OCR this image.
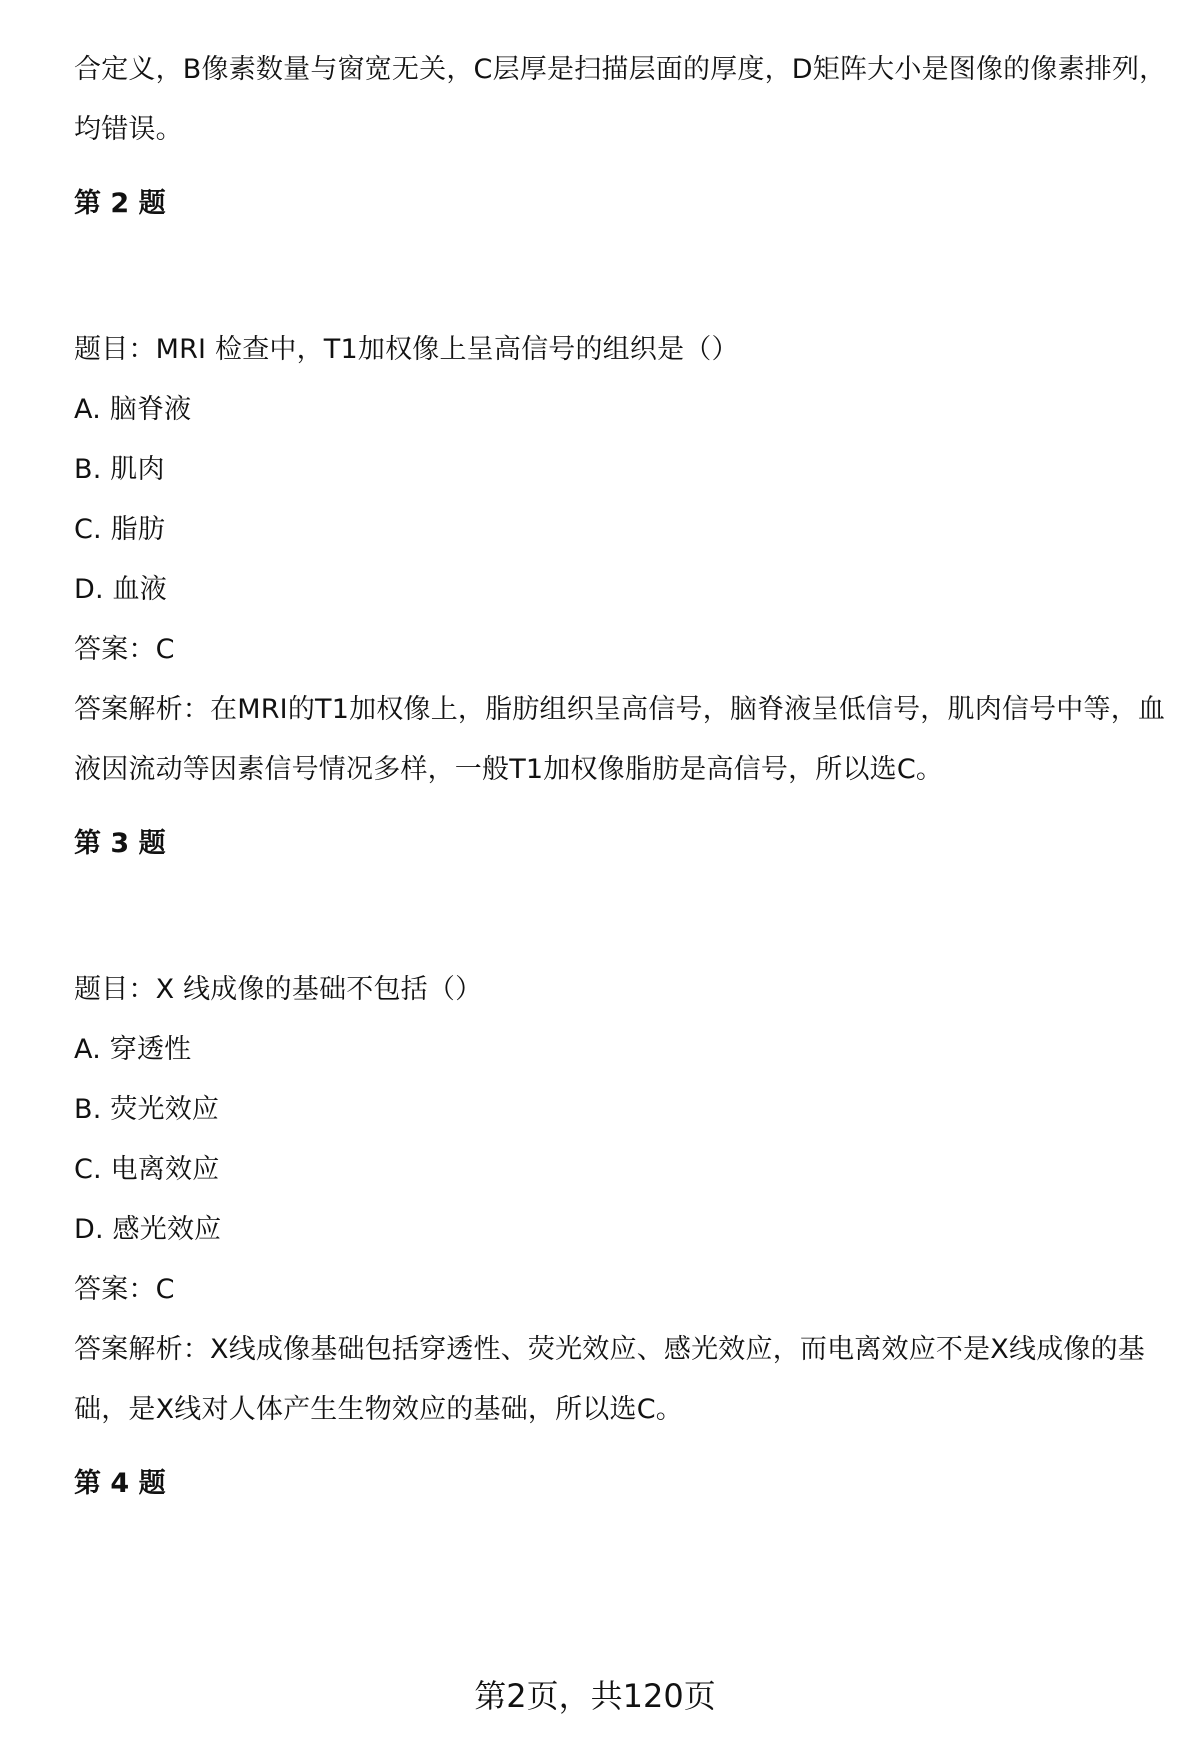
合定义，B像素数量与窗宽无关，C层厚是扫描层面的厚度，D矩阵大小是图像的像素排列，均错误。

第 2 题

题目：MRI 检查中，T1加权像上呈高信号的组织是（）

A. 脑脊液

B. 肌肉

C. 脂肪

D. 血液

答案：C

答案解析：在MRI的T1加权像上，脂肪组织呈高信号，脑脊液呈低信号，肌肉信号中等，血液因流动等因素信号情况多样，一般T1加权像脂肪是高信号，所以选C。

第 3 题

题目：X 线成像的基础不包括（）

A. 穿透性

B. 荧光效应

C. 电离效应

D. 感光效应

答案：C

答案解析：X线成像基础包括穿透性、荧光效应、感光效应，而电离效应不是X线成像的基础，是X线对人体产生生物效应的基础，所以选C。

第 4 题

第2页，共120页
